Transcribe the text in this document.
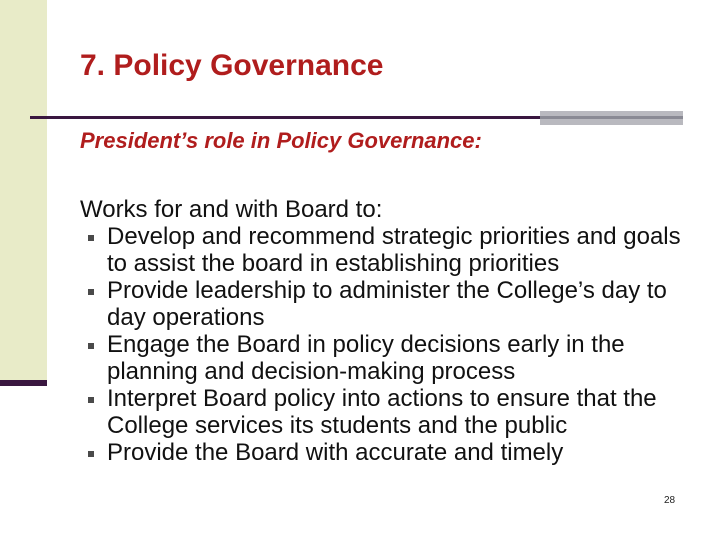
7. Policy Governance
President’s role in Policy Governance:

Works for and with Board to:

Develop and recommend strategic priorities and goals to assist the board in establishing priorities
Provide leadership to administer the College’s day to day operations
Engage the Board in policy decisions early in the planning and decision-making process
Interpret Board policy into actions to ensure that the College services its students and the public
Provide the Board with accurate and timely
28
